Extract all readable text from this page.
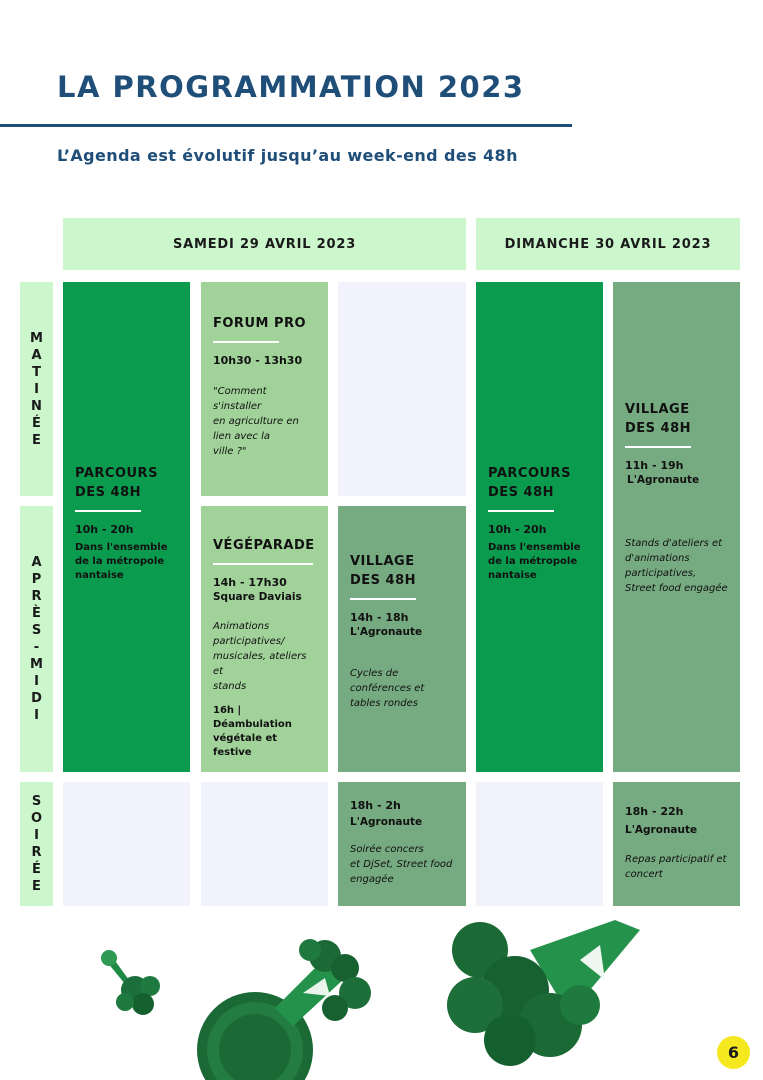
LA PROGRAMMATION 2023
L’Agenda est évolutif jusqu’au week-end des 48h
SAMEDI 29 AVRIL 2023	DIMANCHE 30 AVRIL 2023
M
A
T
I
N
É
E
A
P
R
È
S
-
M
I
D
I
S
O
I
R
É
E
PARCOURS
DES 48H
10h - 20h
Dans l'ensemble
de la métropole
nantaise
FORUM PRO
10h30 - 13h30
"Comment s'installer
en agriculture en
lien avec la
ville ?"
VÉGÉPARADE
14h - 17h30
Square Daviais
Animations
participatives/
musicales, ateliers et
stands
16h |
Déambulation
végétale et festive
VILLAGE
DES 48H
14h - 18h
L'Agronaute
Cycles de
conférences et
tables rondes
PARCOURS
DES 48H
10h - 20h
Dans l'ensemble
de la métropole
nantaise
VILLAGE
DES 48H
11h - 19h
L'Agronaute
Stands d'ateliers et
d'animations
participatives,
Street food engagée
18h - 2h
L'Agronaute
Soirée concers
et DjSet, Street food
engagée
18h - 22h
L'Agronaute
Repas participatif et
concert
6
